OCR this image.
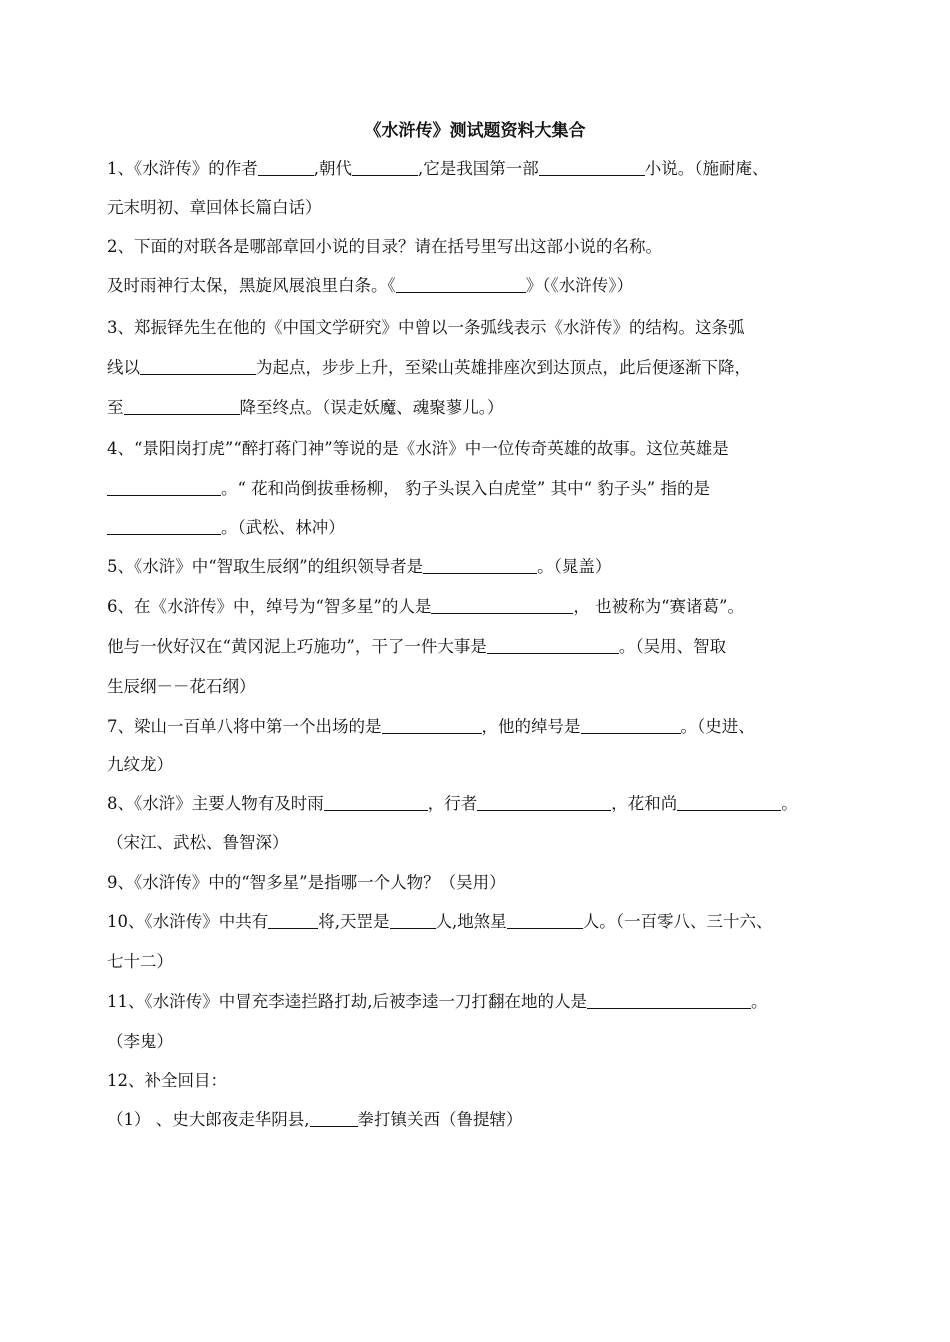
《水浒传》测试题资料大集合
1、《水浒传》的作者	,朝代	,它是我国第一部	小说。（施耐庵、
元末明初、章回体长篇白话）
2、下面的对联各是哪部章回小说的目录？请在括号里写出这部小说的名称。
及时雨神行太保，黑旋风展浪里白条。《	》（《水浒传》）
3、郑振铎先生在他的《中国文学研究》中曾以一条弧线表示《水浒传》的结构。这条弧
线以	为起点，步步上升，至梁山英雄排座次到达顶点，此后便逐渐下降，
至	降至终点。（误走妖魔、魂聚蓼儿。）
4、“景阳岗打虎”“醉打蒋门神”等说的是《水浒》中一位传奇英雄的故事。这位英雄是
。“ 花和尚倒拔垂杨柳， 豹子头误入白虎堂” 其中“ 豹子头” 指的是
。（武松、林冲）
5、《水浒》中“智取生辰纲”的组织领导者是	。（晁盖）
6、在《水浒传》中，绰号为“智多星”的人是	， 也被称为“赛诸葛”。
他与一伙好汉在“黄冈泥上巧施功”，干了一件大事是	。（吴用、智取
生辰纲－－花石纲）
7、梁山一百单八将中第一个出场的是	，他的绰号是	。（史进、
九纹龙）
8、《水浒》主要人物有及时雨	，行者	，花和尚	。
（宋江、武松、鲁智深）
9、《水浒传》中的“智多星”是指哪一个人物？（吴用）
10、《水浒传》中共有	将,天罡是	人,地煞星	人。（一百零八、三十六、
七十二）
11、《水浒传》中冒充李逵拦路打劫,后被李逵一刀打翻在地的人是	。
（李鬼）
12、补全回目：
（1） 、史大郎夜走华阴县,	拳打镇关西（鲁提辖）
